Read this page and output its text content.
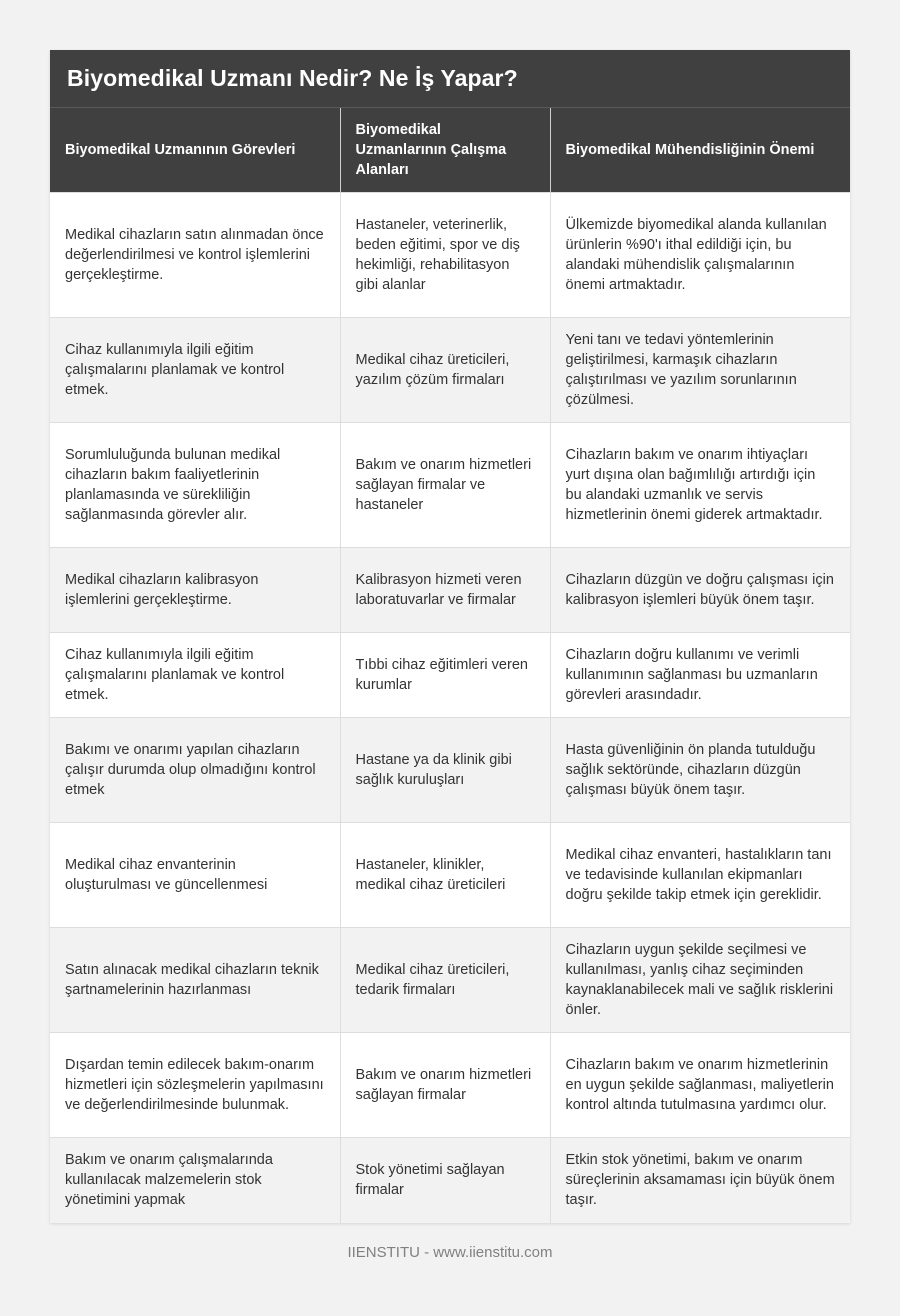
Biyomedikal Uzmanı Nedir? Ne İş Yapar?
Biyomedikal Uzmanının Görevleri	Biyomedikal Uzmanlarının Çalışma Alanları	Biyomedikal Mühendisliğinin Önemi
Medikal cihazların satın alınmadan önce değerlendirilmesi ve kontrol işlemlerini gerçekleştirme.	Hastaneler, veterinerlik, beden eğitimi, spor ve diş hekimliği, rehabilitasyon gibi alanlar	Ülkemizde biyomedikal alanda kullanılan ürünlerin %90'ı ithal edildiği için, bu alandaki mühendislik çalışmalarının önemi artmaktadır.
Cihaz kullanımıyla ilgili eğitim çalışmalarını planlamak ve kontrol etmek.	Medikal cihaz üreticileri, yazılım çözüm firmaları	Yeni tanı ve tedavi yöntemlerinin geliştirilmesi, karmaşık cihazların çalıştırılması ve yazılım sorunlarının çözülmesi.
Sorumluluğunda bulunan medikal cihazların bakım faaliyetlerinin planlamasında ve sürekliliğin sağlanmasında görevler alır.	Bakım ve onarım hizmetleri sağlayan firmalar ve hastaneler	Cihazların bakım ve onarım ihtiyaçları yurt dışına olan bağımlılığı artırdığı için bu alandaki uzmanlık ve servis hizmetlerinin önemi giderek artmaktadır.
Medikal cihazların kalibrasyon işlemlerini gerçekleştirme.	Kalibrasyon hizmeti veren laboratuvarlar ve firmalar	Cihazların düzgün ve doğru çalışması için kalibrasyon işlemleri büyük önem taşır.
Cihaz kullanımıyla ilgili eğitim çalışmalarını planlamak ve kontrol etmek.	Tıbbi cihaz eğitimleri veren kurumlar	Cihazların doğru kullanımı ve verimli kullanımının sağlanması bu uzmanların görevleri arasındadır.
Bakımı ve onarımı yapılan cihazların çalışır durumda olup olmadığını kontrol etmek	Hastane ya da klinik gibi sağlık kuruluşları	Hasta güvenliğinin ön planda tutulduğu sağlık sektöründe, cihazların düzgün çalışması büyük önem taşır.
Medikal cihaz envanterinin oluşturulması ve güncellenmesi	Hastaneler, klinikler, medikal cihaz üreticileri	Medikal cihaz envanteri, hastalıkların tanı ve tedavisinde kullanılan ekipmanları doğru şekilde takip etmek için gereklidir.
Satın alınacak medikal cihazların teknik şartnamelerinin hazırlanması	Medikal cihaz üreticileri, tedarik firmaları	Cihazların uygun şekilde seçilmesi ve kullanılması, yanlış cihaz seçiminden kaynaklanabilecek mali ve sağlık risklerini önler.
Dışardan temin edilecek bakım-onarım hizmetleri için sözleşmelerin yapılmasını ve değerlendirilmesinde bulunmak.	Bakım ve onarım hizmetleri sağlayan firmalar	Cihazların bakım ve onarım hizmetlerinin en uygun şekilde sağlanması, maliyetlerin kontrol altında tutulmasına yardımcı olur.
Bakım ve onarım çalışmalarında kullanılacak malzemelerin stok yönetimini yapmak	Stok yönetimi sağlayan firmalar	Etkin stok yönetimi, bakım ve onarım süreçlerinin aksamaması için büyük önem taşır.
IIENSTITU - www.iienstitu.com
